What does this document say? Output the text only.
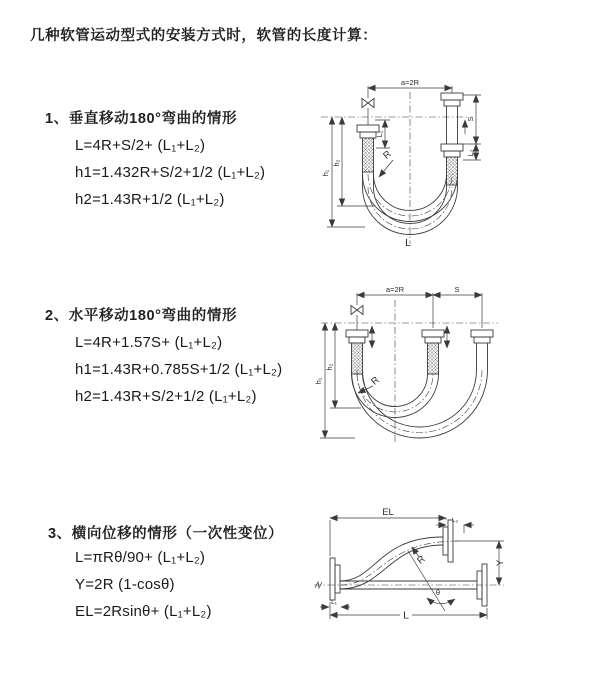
几种软管运动型式的安装方式时，软管的长度计算：
1、垂直移动180°弯曲的情形
L=4R+S/2+ (L₁+L₂)
h1=1.432R+S/2+1/2 (L₁+L₂)
h2=1.43R+1/2 (L₁+L₂)
2、水平移动180°弯曲的情形
L=4R+1.57S+ (L₁+L₂)
h1=1.43R+0.785S+1/2 (L₁+L₂)
h2=1.43R+S/2+1/2 (L₁+L₂)
3、横向位移的情形（一次性变位）
L=πRθ/90+ (L₁+L₂)
Y=2R (1-cosθ)
EL=2Rsinθ+ (L₁+L₂)
a=2R
h₁
h₂
L₁
S
L₂
R
L
a=2R	S
h₁
h₂
R
EL
L₂
Y
L
L₁
R
θ
